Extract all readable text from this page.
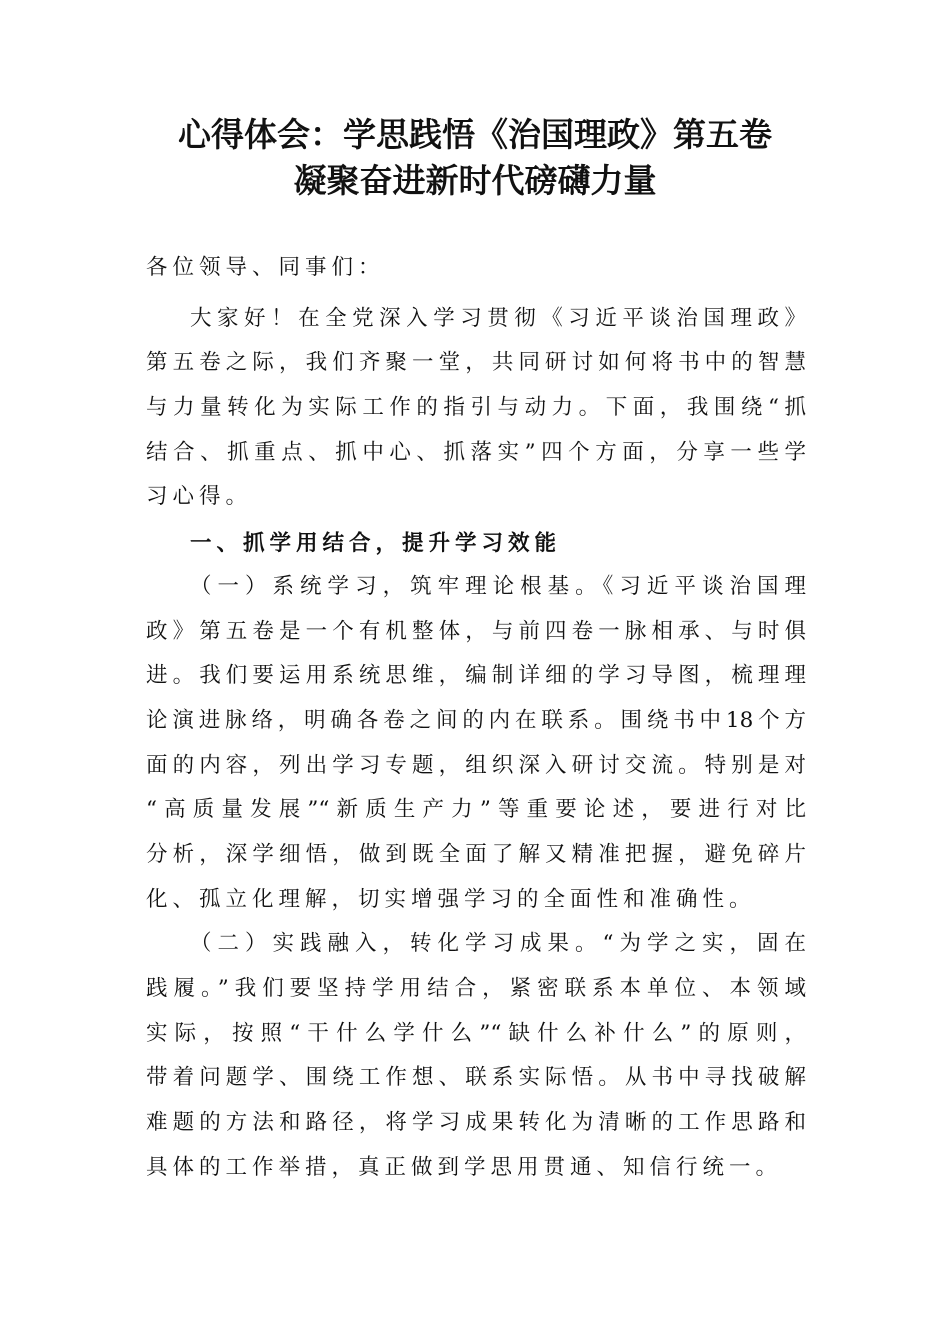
心得体会：学思践悟《治国理政》第五卷
凝聚奋进新时代磅礴力量
各位领导、同事们：
大家好！在全党深入学习贯彻《习近平谈治国理政》
第五卷之际，我们齐聚一堂，共同研讨如何将书中的智慧
与力量转化为实际工作的指引与动力。下面，我围绕“抓
结合、抓重点、抓中心、抓落实”四个方面，分享一些学
习心得。
一、抓学用结合，提升学习效能
（一）系统学习，筑牢理论根基。《习近平谈治国理
政》第五卷是一个有机整体，与前四卷一脉相承、与时俱
进。我们要运用系统思维，编制详细的学习导图，梳理理
论演进脉络，明确各卷之间的内在联系。围绕书中18个方
面的内容，列出学习专题，组织深入研讨交流。特别是对
“高质量发展”“新质生产力”等重要论述，要进行对比
分析，深学细悟，做到既全面了解又精准把握，避免碎片
化、孤立化理解，切实增强学习的全面性和准确性。
（二）实践融入，转化学习成果。“为学之实，固在
践履。”我们要坚持学用结合，紧密联系本单位、本领域
实际，按照“干什么学什么”“缺什么补什么”的原则，
带着问题学、围绕工作想、联系实际悟。从书中寻找破解
难题的方法和路径，将学习成果转化为清晰的工作思路和
具体的工作举措，真正做到学思用贯通、知信行统一。
